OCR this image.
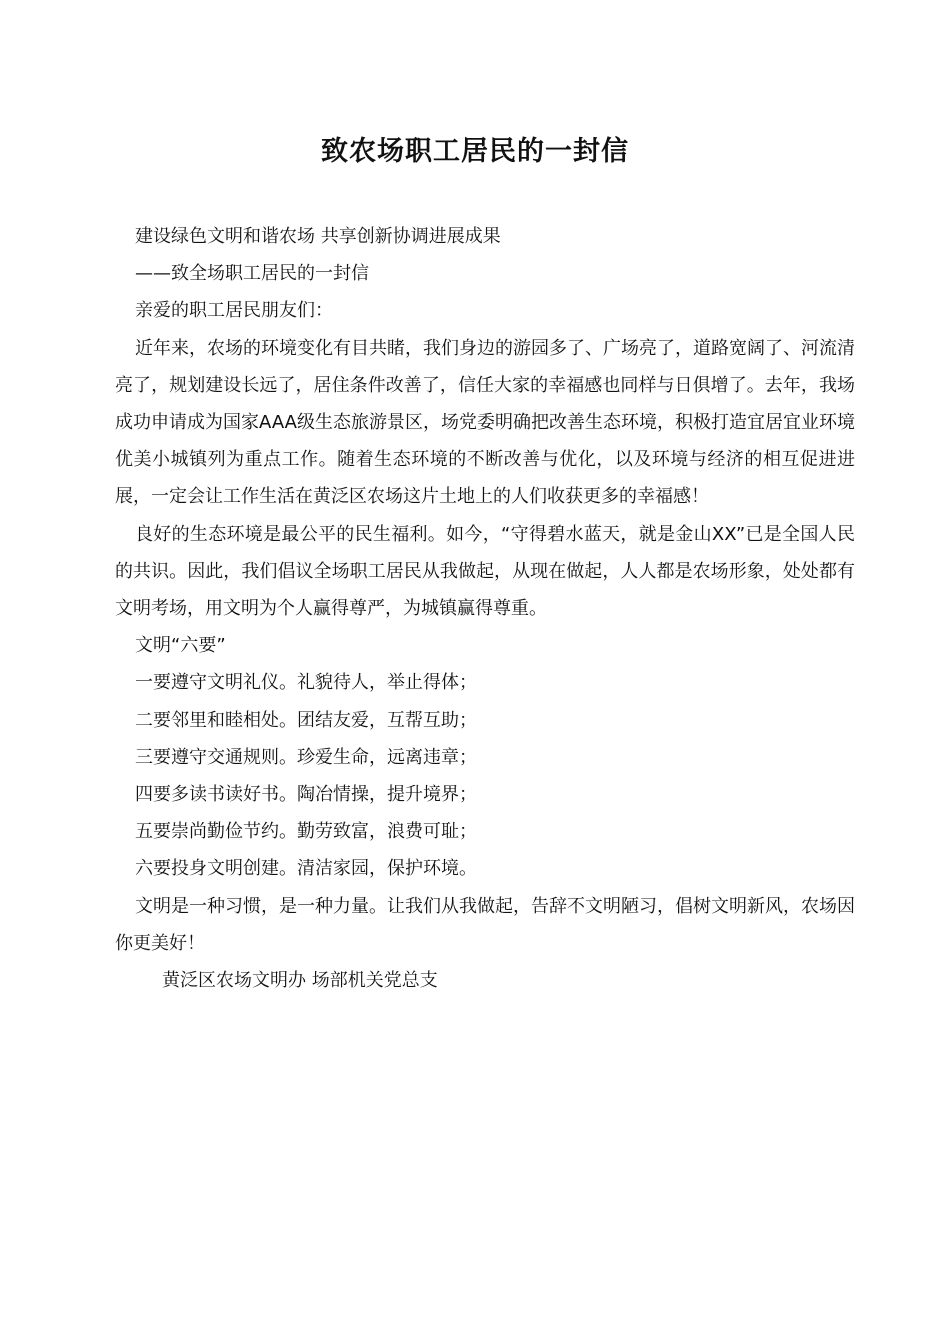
致农场职工居民的一封信

建设绿色文明和谐农场 共享创新协调进展成果

——致全场职工居民的一封信

亲爱的职工居民朋友们：

近年来，农场的环境变化有目共睹，我们身边的游园多了、广场亮了，道路宽阔了、河流清亮了，规划建设长远了，居住条件改善了，信任大家的幸福感也同样与日俱增了。去年，我场成功申请成为国家AAA级生态旅游景区，场党委明确把改善生态环境，积极打造宜居宜业环境优美小城镇列为重点工作。随着生态环境的不断改善与优化，以及环境与经济的相互促进进展，一定会让工作生活在黄泛区农场这片土地上的人们收获更多的幸福感！

良好的生态环境是最公平的民生福利。如今，“守得碧水蓝天，就是金山XX”已是全国人民的共识。因此，我们倡议全场职工居民从我做起，从现在做起，人人都是农场形象，处处都有文明考场，用文明为个人赢得尊严，为城镇赢得尊重。

文明“六要”

一要遵守文明礼仪。礼貌待人，举止得体；

二要邻里和睦相处。团结友爱，互帮互助；

三要遵守交通规则。珍爱生命，远离违章；

四要多读书读好书。陶冶情操，提升境界；

五要崇尚勤俭节约。勤劳致富，浪费可耻；

六要投身文明创建。清洁家园，保护环境。

文明是一种习惯，是一种力量。让我们从我做起，告辞不文明陋习，倡树文明新风，农场因你更美好！

黄泛区农场文明办 场部机关党总支
